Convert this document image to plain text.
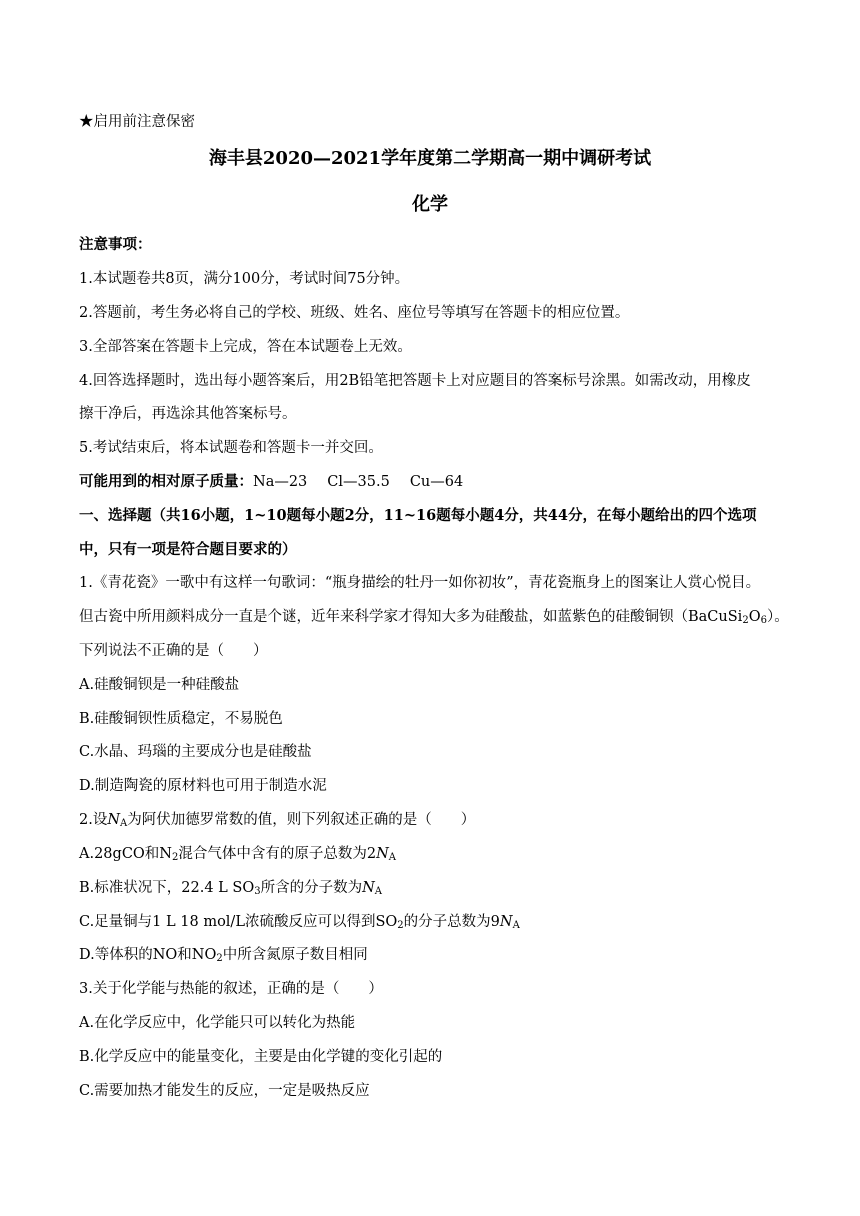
★启用前注意保密
海丰县2020—2021学年度第二学期高一期中调研考试
化学
注意事项：
1.本试题卷共8页，满分100分，考试时间75分钟。
2.答题前，考生务必将自己的学校、班级、姓名、座位号等填写在答题卡的相应位置。
3.全部答案在答题卡上完成，答在本试题卷上无效。
4.回答选择题时，选出每小题答案后，用2B铅笔把答题卡上对应题目的答案标号涂黑。如需改动，用橡皮
擦干净后，再选涂其他答案标号。
5.考试结束后，将本试题卷和答题卡一并交回。
可能用到的相对原子质量：Na—23 Cl—35.5 Cu—64
一、选择题（共16小题，1~10题每小题2分，11~16题每小题4分，共44分，在每小题给出的四个选项
中，只有一项是符合题目要求的）
1.《青花瓷》一歌中有这样一句歌词：“瓶身描绘的牡丹一如你初妆”，青花瓷瓶身上的图案让人赏心悦目。
但古瓷中所用颜料成分一直是个谜，近年来科学家才得知大多为硅酸盐，如蓝紫色的硅酸铜钡$(BaCuSi_2O_6)$。
下列说法不正确的是（　　）
A.硅酸铜钡是一种硅酸盐
B.硅酸铜钡性质稳定，不易脱色
C.水晶、玛瑙的主要成分也是硅酸盐
D.制造陶瓷的原材料也可用于制造水泥
2.设$N_A$为阿伏加德罗常数的值，则下列叙述正确的是（　　）
A.28gCO和$N_2$混合气体中含有的原子总数为$2N_A$
B.标准状况下，22.4 L $SO_3$所含的分子数为$N_A$
C.足量铜与1 L 18 mol/L浓硫酸反应可以得到$SO_2$的分子总数为$9N_A$
D.等体积的NO和$NO_2$中所含氮原子数目相同
3.关于化学能与热能的叙述，正确的是（　　）
A.在化学反应中，化学能只可以转化为热能
B.化学反应中的能量变化，主要是由化学键的变化引起的
C.需要加热才能发生的反应，一定是吸热反应
